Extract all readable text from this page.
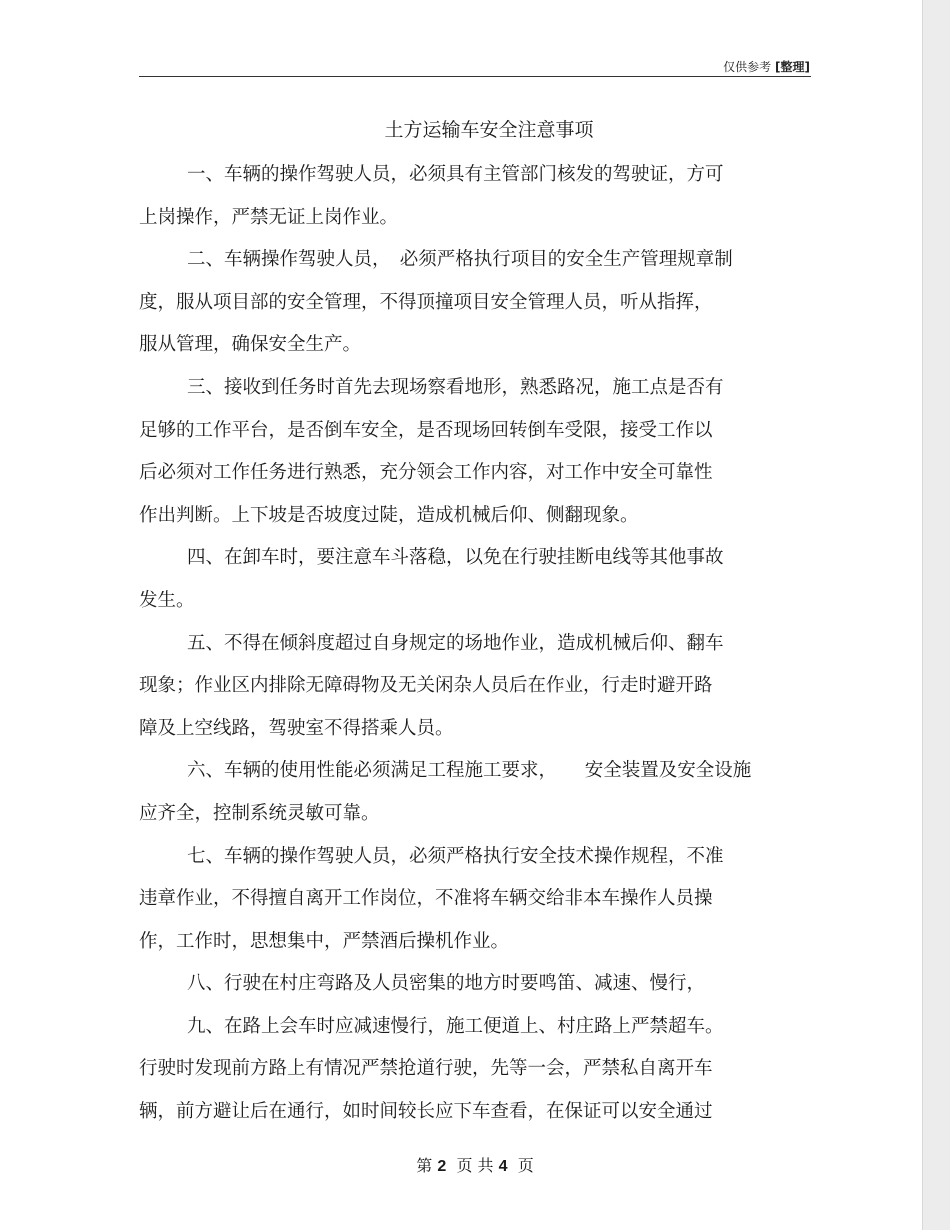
仅供参考 [整理]
土方运输车安全注意事项
一、车辆的操作驾驶人员，必须具有主管部门核发的驾驶证，方可
上岗操作，严禁无证上岗作业。
二、车辆操作驾驶人员，　必须严格执行项目的安全生产管理规章制
度，服从项目部的安全管理，不得顶撞项目安全管理人员，听从指挥，
服从管理，确保安全生产。
三、接收到任务时首先去现场察看地形，熟悉路况，施工点是否有
足够的工作平台，是否倒车安全，是否现场回转倒车受限，接受工作以
后必须对工作任务进行熟悉，充分领会工作内容，对工作中安全可靠性
作出判断。上下坡是否坡度过陡，造成机械后仰、侧翻现象。
四、在卸车时，要注意车斗落稳，以免在行驶挂断电线等其他事故
发生。
五、不得在倾斜度超过自身规定的场地作业，造成机械后仰、翻车
现象；作业区内排除无障碍物及无关闲杂人员后在作业，行走时避开路
障及上空线路，驾驶室不得搭乘人员。
六、车辆的使用性能必须满足工程施工要求，　　安全装置及安全设施
应齐全，控制系统灵敏可靠。
七、车辆的操作驾驶人员，必须严格执行安全技术操作规程，不准
违章作业，不得擅自离开工作岗位，不准将车辆交给非本车操作人员操
作，工作时，思想集中，严禁酒后操机作业。
八、行驶在村庄弯路及人员密集的地方时要鸣笛、减速、慢行，
九、在路上会车时应减速慢行，施工便道上、村庄路上严禁超车。
行驶时发现前方路上有情况严禁抢道行驶，先等一会，严禁私自离开车
辆，前方避让后在通行，如时间较长应下车查看，在保证可以安全通过
第 2 页 共 4 页
